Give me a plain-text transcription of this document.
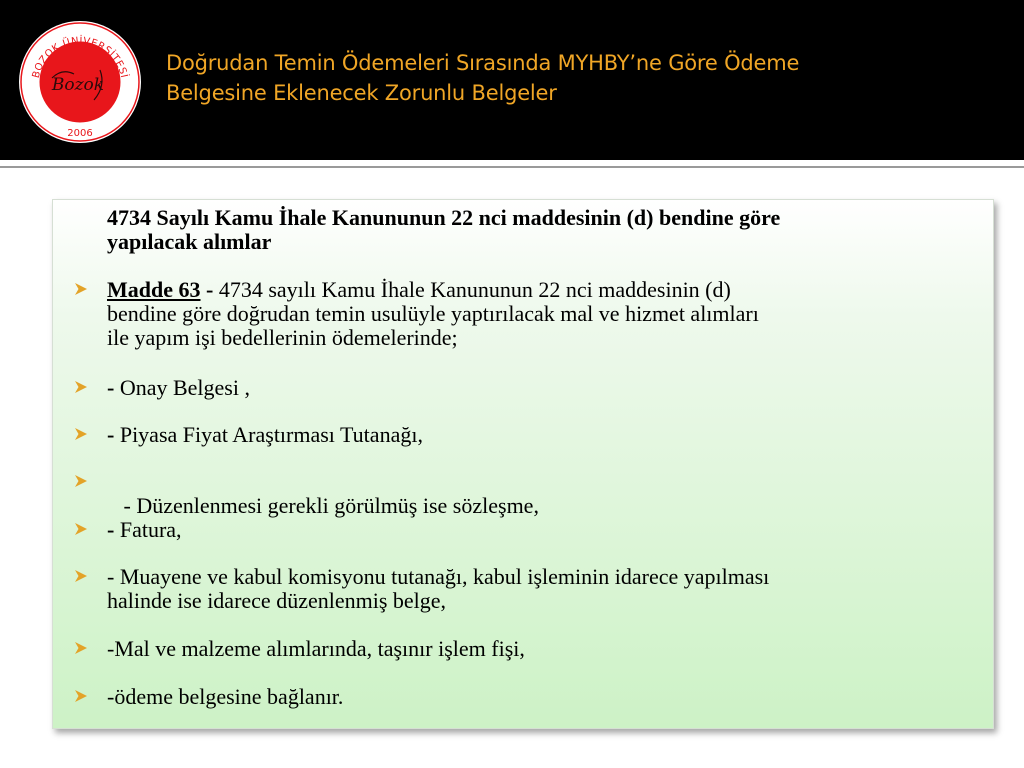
BOZOK ÜNİVERSİTESİ
Bozok
2006
Doğrudan Temin Ödemeleri Sırasında MYHBY’ne Göre Ödeme
Belgesine Eklenecek Zorunlu Belgeler
4734 Sayılı Kamu İhale Kanununun 22 nci maddesinin (d) bendine göre
yapılacak alımlar
Madde 63 - 4734 sayılı Kamu İhale Kanununun 22 nci maddesinin (d)
bendine göre doğrudan temin usulüyle yaptırılacak mal ve hizmet alımları
ile yapım işi bedellerinin ödemelerinde;
- Onay Belgesi ,
- Piyasa Fiyat Araştırması Tutanağı,

- Düzenlenmesi gerekli görülmüş ise sözleşme,

- Fatura,
- Muayene ve kabul komisyonu tutanağı, kabul işleminin idarece yapılması
halinde ise idarece düzenlenmiş belge,
-Mal ve malzeme alımlarında, taşınır işlem fişi,
-ödeme belgesine bağlanır.
